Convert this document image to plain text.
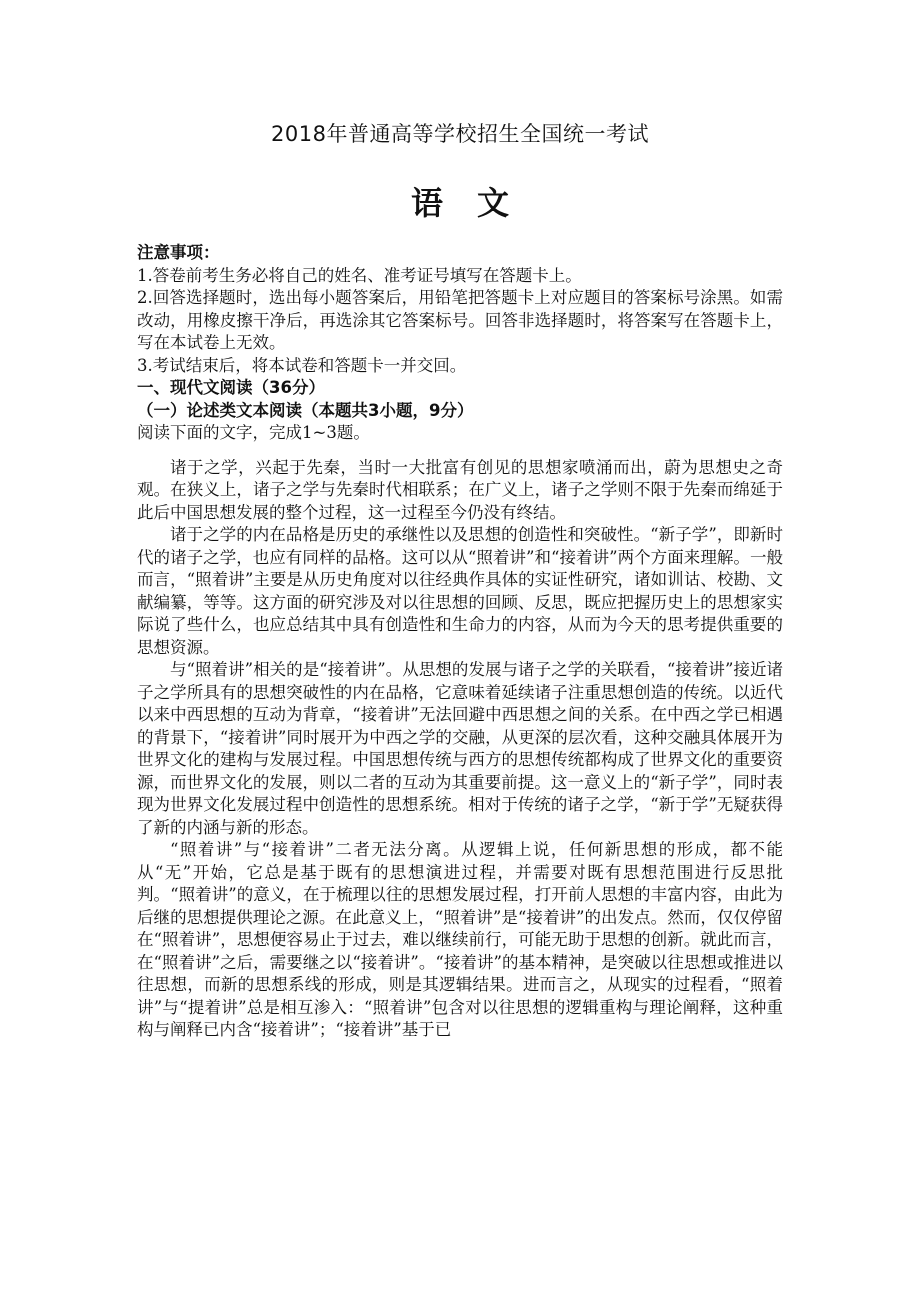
2018年普通高等学校招生全国统一考试
语文
注意事项：
1.答卷前考生务必将自己的姓名、准考证号填写在答题卡上。
2.回答选择题时，选出每小题答案后，用铅笔把答题卡上对应题目的答案标号涂黑。如需改动，用橡皮擦干净后，再选涂其它答案标号。回答非选择题时，将答案写在答题卡上，写在本试卷上无效。
3.考试结束后，将本试卷和答题卡一并交回。
一、现代文阅读（36分）
（一）论述类文本阅读（本题共3小题，9分）
阅读下面的文字，完成1~3题。
诸于之学，兴起于先秦，当时一大批富有创见的思想家喷涌而出，蔚为思想史之奇观。在狭义上，诸子之学与先秦时代相联系；在广义上，诸子之学则不限于先秦而绵延于此后中国思想发展的整个过程，这一过程至今仍没有终结。
诸于之学的内在品格是历史的承继性以及思想的创造性和突破性。“新子学”，即新时代的诸子之学，也应有同样的品格。这可以从“照着讲”和“接着讲”两个方面来理解。一般而言，“照着讲”主要是从历史角度对以往经典作具体的实证性研究，诸如训诂、校勘、文献编纂，等等。这方面的研究涉及对以往思想的回顾、反思，既应把握历史上的思想家实际说了些什么，也应总结其中具有创造性和生命力的内容，从而为今天的思考提供重要的思想资源。
与“照着讲”相关的是“接着讲”。从思想的发展与诸子之学的关联看，“接着讲”接近诸子之学所具有的思想突破性的内在品格，它意味着延续诸子注重思想创造的传统。以近代以来中西思想的互动为背章，“接着讲”无法回避中西思想之间的关系。在中西之学已相遇的背景下，“接着讲”同时展开为中西之学的交融，从更深的层次看，这种交融具体展开为世界文化的建构与发展过程。中国思想传统与西方的思想传统都构成了世界文化的重要资源，而世界文化的发展，则以二者的互动为其重要前提。这一意义上的“新子学”，同时表现为世界文化发展过程中创造性的思想系统。相对于传统的诸子之学，“新于学”无疑获得了新的内涵与新的形态。
“照着讲”与“接着讲”二者无法分离。从逻辑上说，任何新思想的形成，都不能从“无”开始，它总是基于既有的思想演进过程，并需要对既有思想范围进行反思批判。“照着讲”的意义，在于梳理以往的思想发展过程，打开前人思想的丰富内容，由此为后继的思想提供理论之源。在此意义上，“照着讲”是“接着讲”的出发点。然而，仅仅停留在“照着讲”，思想便容易止于过去，难以继续前行，可能无助于思想的创新。就此而言，在“照着讲”之后，需要继之以“接着讲”。“接着讲”的基本精神，是突破以往思想或推进以往思想，而新的思想系线的形成，则是其逻辑结果。进而言之，从现实的过程看，“照着讲”与“提着讲”总是相互渗入：“照着讲”包含对以往思想的逻辑重构与理论阐释，这种重构与阐释已内含“接着讲”；“接着讲”基于已
